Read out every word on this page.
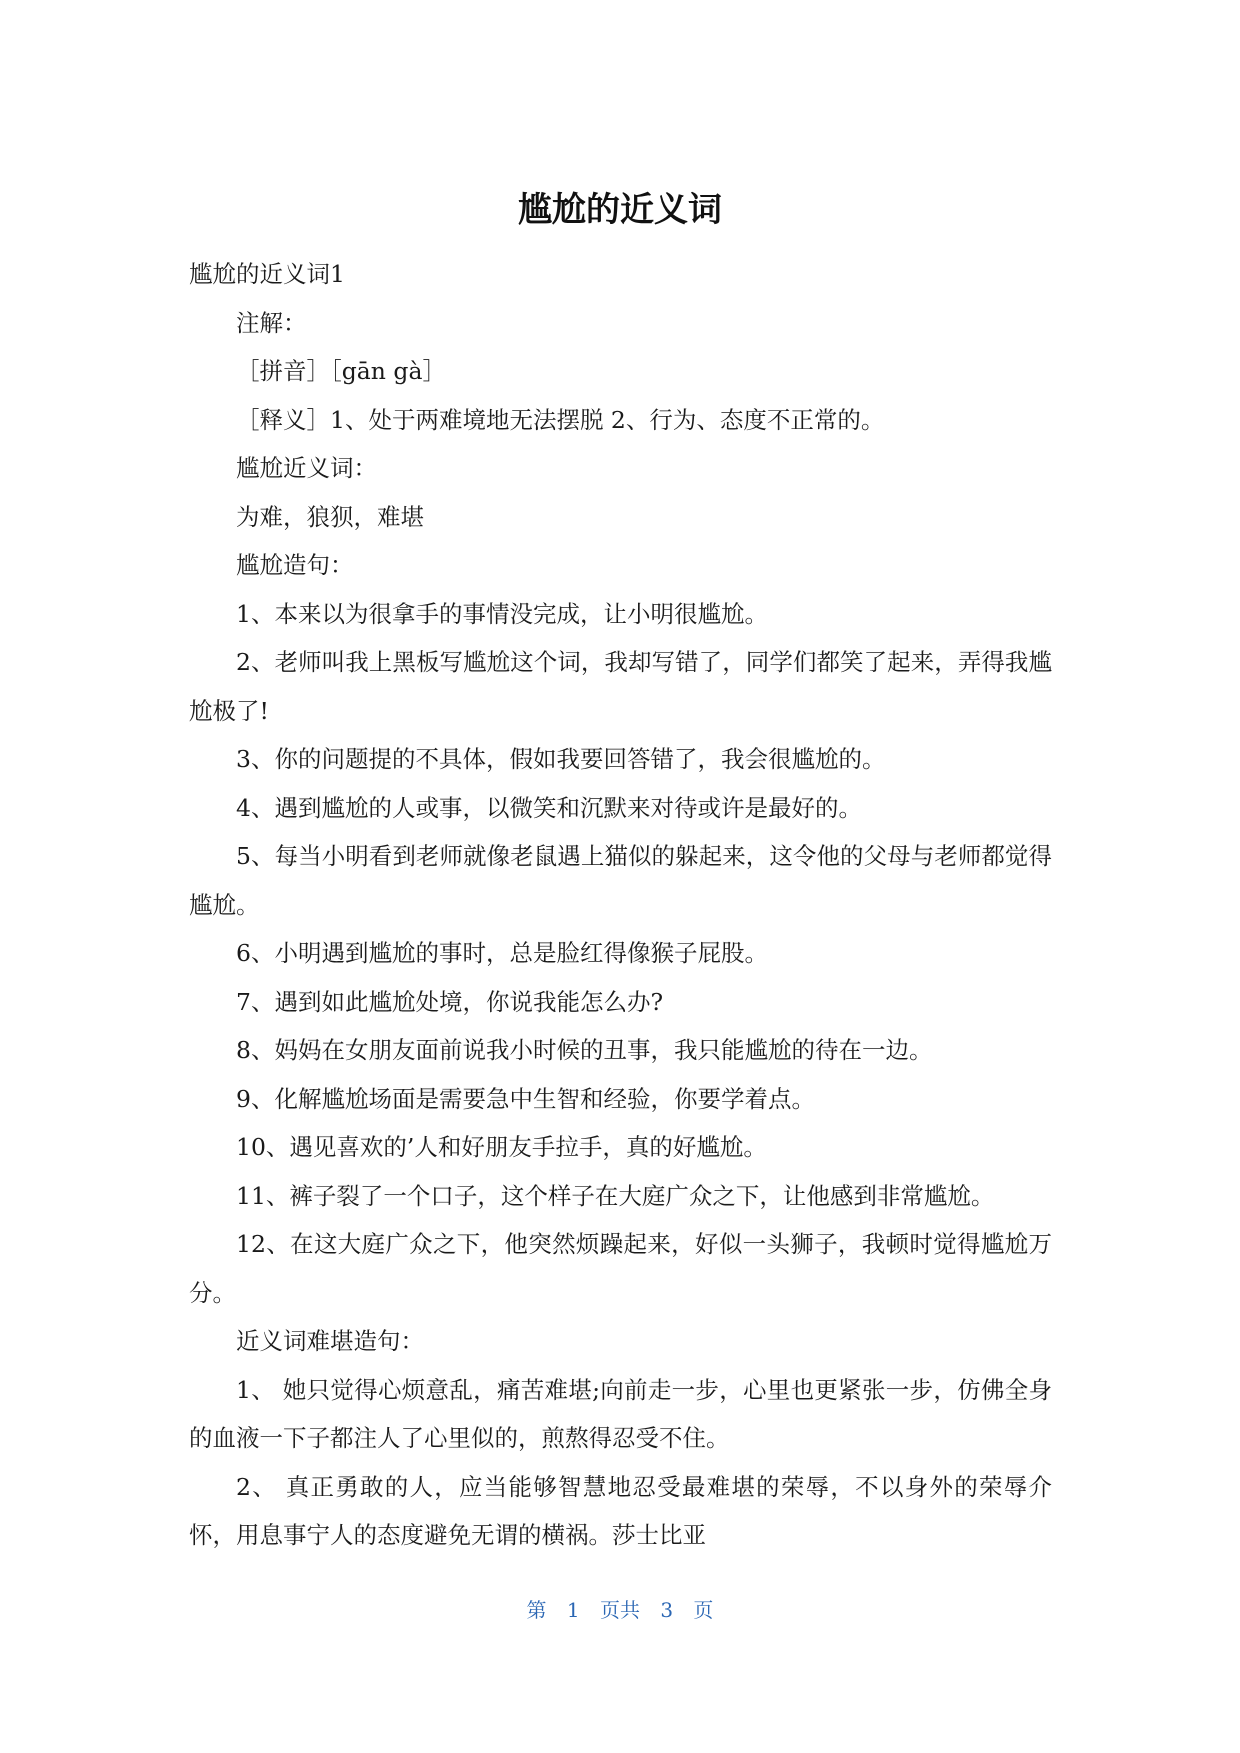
尴尬的近义词

尴尬的近义词1

注解：

［拼音］［gān gà］

［释义］1、处于两难境地无法摆脱 2、行为、态度不正常的。

尴尬近义词：

为难，狼狈，难堪

尴尬造句：

1、本来以为很拿手的事情没完成，让小明很尴尬。

2、老师叫我上黑板写尴尬这个词，我却写错了，同学们都笑了起来，弄得我尴尬极了!

3、你的问题提的不具体，假如我要回答错了，我会很尴尬的。

4、遇到尴尬的人或事，以微笑和沉默来对待或许是最好的。

5、每当小明看到老师就像老鼠遇上猫似的躲起来，这令他的父母与老师都觉得尴尬。

6、小明遇到尴尬的事时，总是脸红得像猴子屁股。

7、遇到如此尴尬处境，你说我能怎么办?

8、妈妈在女朋友面前说我小时候的丑事，我只能尴尬的待在一边。

9、化解尴尬场面是需要急中生智和经验，你要学着点。

10、遇见喜欢的’人和好朋友手拉手，真的好尴尬。

11、裤子裂了一个口子，这个样子在大庭广众之下，让他感到非常尴尬。

12、在这大庭广众之下，他突然烦躁起来，好似一头狮子，我顿时觉得尴尬万分。

近义词难堪造句：

1、 她只觉得心烦意乱，痛苦难堪;向前走一步，心里也更紧张一步，仿佛全身的血液一下子都注人了心里似的，煎熬得忍受不住。

2、 真正勇敢的人，应当能够智慧地忍受最难堪的荣辱，不以身外的荣辱介怀，用息事宁人的态度避免无谓的横祸。莎士比亚

第 1 页共 3 页
